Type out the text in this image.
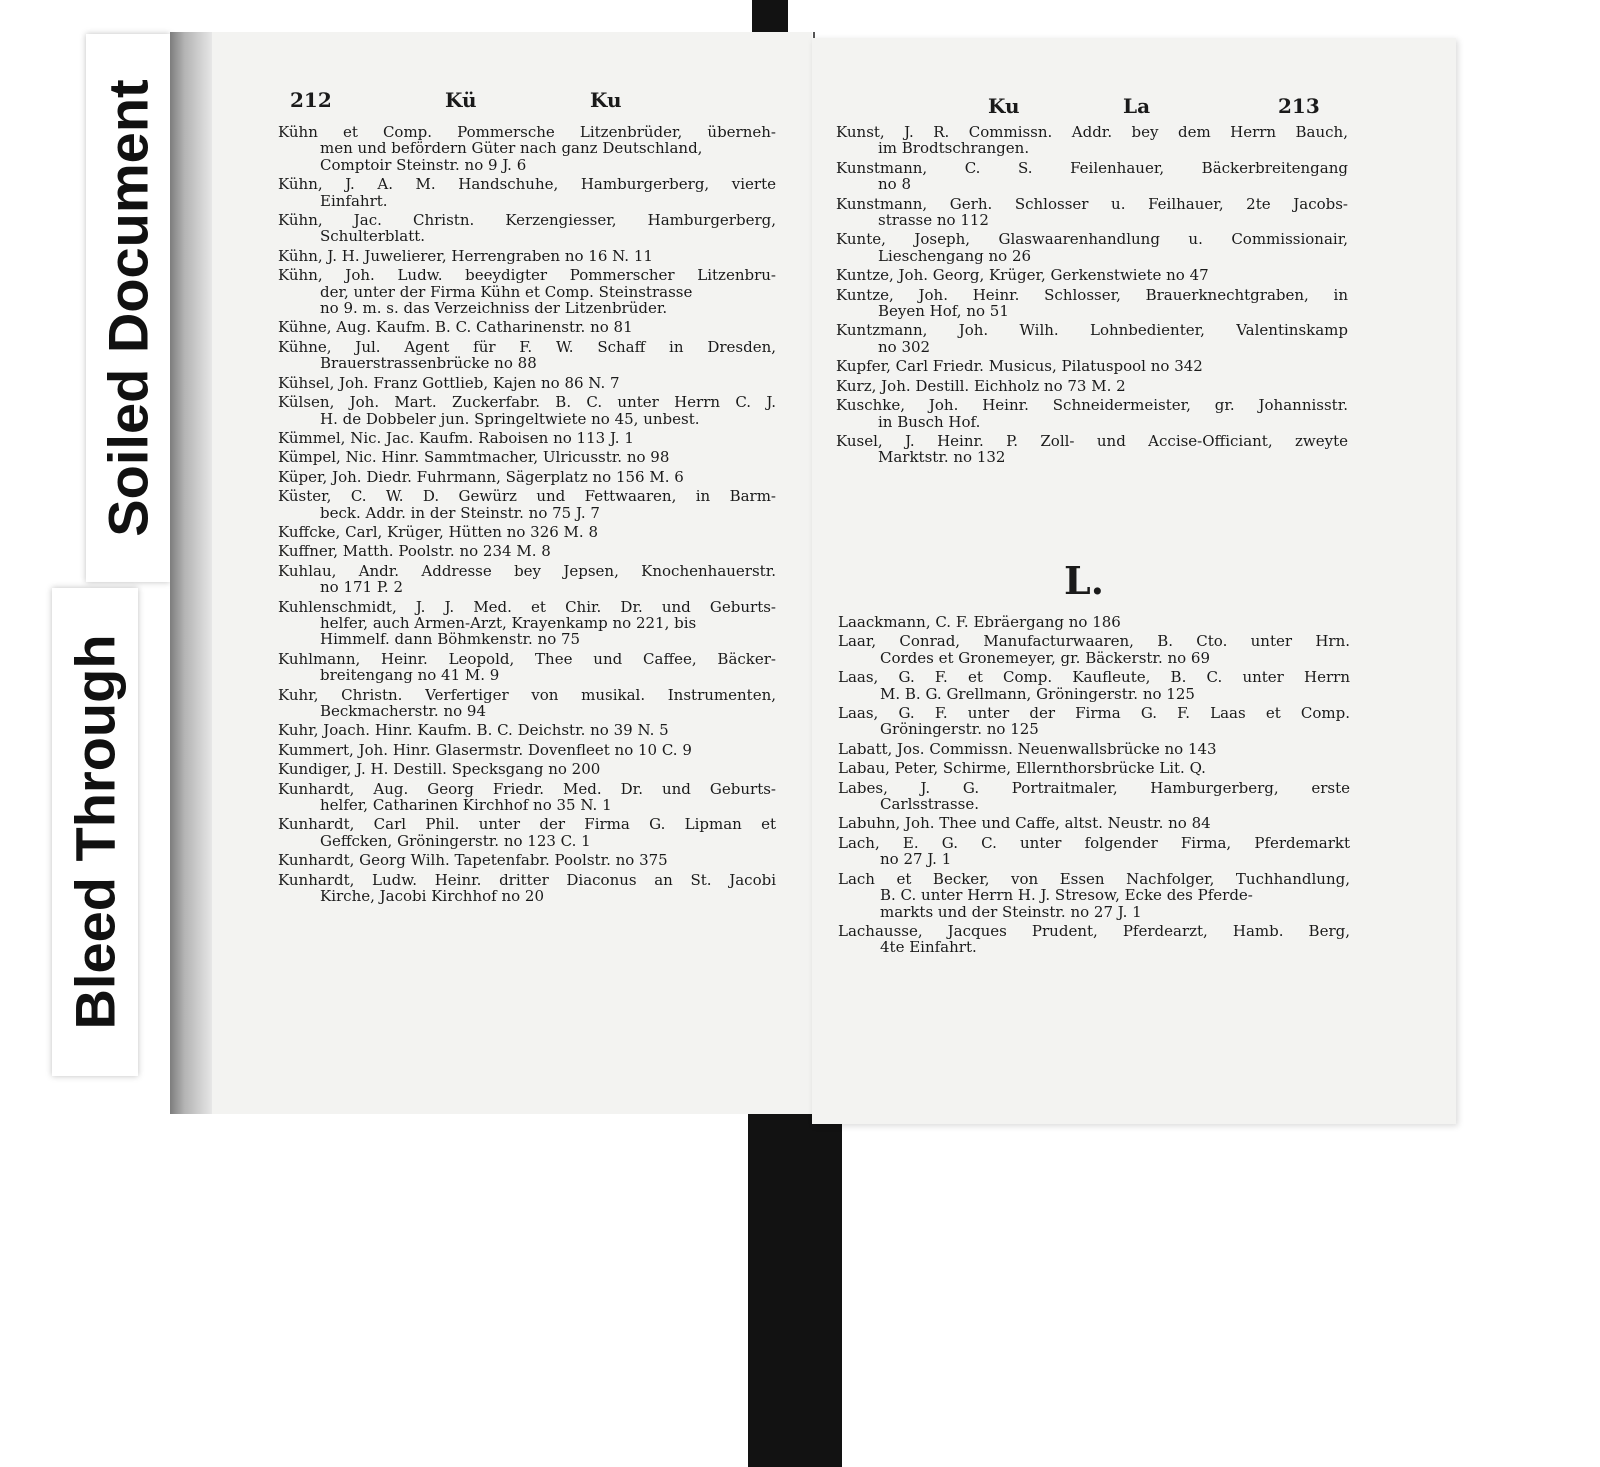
Soiled Document
Bleed Through
212	Kü	Ku
Kühn et Comp. Pommersche Litzenbrüder, überneh-
men und befördern Güter nach ganz Deutschland,
Comptoir Steinstr. no 9 J. 6
Kühn, J. A. M. Handschuhe, Hamburgerberg, vierte
Einfahrt.
Kühn, Jac. Christn. Kerzengiesser, Hamburgerberg,
Schulterblatt.
Kühn, J. H. Juwelierer, Herrengraben no 16 N. 11
Kühn, Joh. Ludw. beeydigter Pommerscher Litzenbru-
der, unter der Firma Kühn et Comp. Steinstrasse
no 9. m. s. das Verzeichniss der Litzenbrüder.
Kühne, Aug. Kaufm. B. C. Catharinenstr. no 81
Kühne, Jul. Agent für F. W. Schaff in Dresden,
Brauerstrassenbrücke no 88
Kühsel, Joh. Franz Gottlieb, Kajen no 86 N. 7
Külsen, Joh. Mart. Zuckerfabr. B. C. unter Herrn C. J.
H. de Dobbeler jun. Springeltwiete no 45, unbest.
Kümmel, Nic. Jac. Kaufm. Raboisen no 113 J. 1
Kümpel, Nic. Hinr. Sammtmacher, Ulricusstr. no 98
Küper, Joh. Diedr. Fuhrmann, Sägerplatz no 156 M. 6
Küster, C. W. D. Gewürz und Fettwaaren, in Barm-
beck. Addr. in der Steinstr. no 75 J. 7
Kuffcke, Carl, Krüger, Hütten no 326 M. 8
Kuffner, Matth. Poolstr. no 234 M. 8
Kuhlau, Andr. Addresse bey Jepsen, Knochenhauerstr.
no 171 P. 2
Kuhlenschmidt, J. J. Med. et Chir. Dr. und Geburts-
helfer, auch Armen-Arzt, Krayenkamp no 221, bis
Himmelf. dann Böhmkenstr. no 75
Kuhlmann, Heinr. Leopold, Thee und Caffee, Bäcker-
breitengang no 41 M. 9
Kuhr, Christn. Verfertiger von musikal. Instrumenten,
Beckmacherstr. no 94
Kuhr, Joach. Hinr. Kaufm. B. C. Deichstr. no 39 N. 5
Kummert, Joh. Hinr. Glasermstr. Dovenfleet no 10 C. 9
Kundiger, J. H. Destill. Specksgang no 200
Kunhardt, Aug. Georg Friedr. Med. Dr. und Geburts-
helfer, Catharinen Kirchhof no 35 N. 1
Kunhardt, Carl Phil. unter der Firma G. Lipman et
Geffcken, Gröningerstr. no 123 C. 1
Kunhardt, Georg Wilh. Tapetenfabr. Poolstr. no 375
Kunhardt, Ludw. Heinr. dritter Diaconus an St. Jacobi
Kirche, Jacobi Kirchhof no 20
Ku	La	213
Kunst, J. R. Commissn. Addr. bey dem Herrn Bauch,
im Brodtschrangen.
Kunstmann, C. S. Feilenhauer, Bäckerbreitengang
no 8
Kunstmann, Gerh. Schlosser u. Feilhauer, 2te Jacobs-
strasse no 112
Kunte, Joseph, Glaswaarenhandlung u. Commissionair,
Lieschengang no 26
Kuntze, Joh. Georg, Krüger, Gerkenstwiete no 47
Kuntze, Joh. Heinr. Schlosser, Brauerknechtgraben, in
Beyen Hof, no 51
Kuntzmann, Joh. Wilh. Lohnbedienter, Valentinskamp
no 302
Kupfer, Carl Friedr. Musicus, Pilatuspool no 342
Kurz, Joh. Destill. Eichholz no 73 M. 2
Kuschke, Joh. Heinr. Schneidermeister, gr. Johannisstr.
in Busch Hof.
Kusel, J. Heinr. P. Zoll- und Accise-Officiant, zweyte
Marktstr. no 132
L.
Laackmann, C. F. Ebräergang no 186
Laar, Conrad, Manufacturwaaren, B. Cto. unter Hrn.
Cordes et Gronemeyer, gr. Bäckerstr. no 69
Laas, G. F. et Comp. Kaufleute, B. C. unter Herrn
M. B. G. Grellmann, Gröningerstr. no 125
Laas, G. F. unter der Firma G. F. Laas et Comp.
Gröningerstr. no 125
Labatt, Jos. Commissn. Neuenwallsbrücke no 143
Labau, Peter, Schirme, Ellernthorsbrücke Lit. Q.
Labes, J. G. Portraitmaler, Hamburgerberg, erste
Carlsstrasse.
Labuhn, Joh. Thee und Caffe, altst. Neustr. no 84
Lach, E. G. C. unter folgender Firma, Pferdemarkt
no 27 J. 1
Lach et Becker, von Essen Nachfolger, Tuchhandlung,
B. C. unter Herrn H. J. Stresow, Ecke des Pferde-
markts und der Steinstr. no 27 J. 1
Lachausse, Jacques Prudent, Pferdearzt, Hamb. Berg,
4te Einfahrt.
